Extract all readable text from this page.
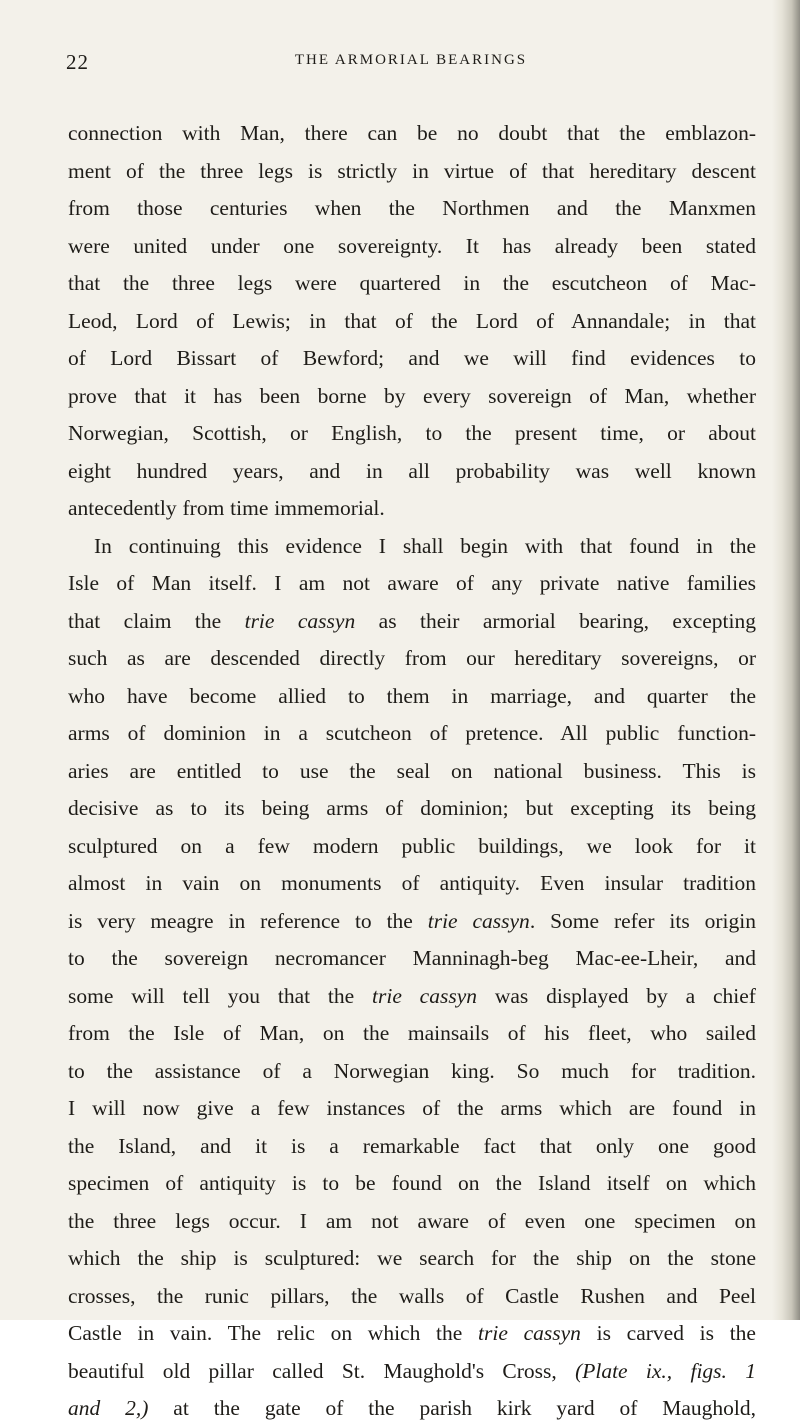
22	THE ARMORIAL BEARINGS
connection with Man, there can be no doubt that the emblazon-
ment of the three legs is strictly in virtue of that hereditary descent
from those centuries when the Northmen and the Manxmen
were united under one sovereignty. It has already been stated
that the three legs were quartered in the escutcheon of Mac-
Leod, Lord of Lewis; in that of the Lord of Annandale; in that
of Lord Bissart of Bewford; and we will find evidences to
prove that it has been borne by every sovereign of Man, whether
Norwegian, Scottish, or English, to the present time, or about
eight hundred years, and in all probability was well known
antecedently from time immemorial.
In continuing this evidence I shall begin with that found in the
Isle of Man itself. I am not aware of any private native families
that claim the trie cassyn as their armorial bearing, excepting
such as are descended directly from our hereditary sovereigns, or
who have become allied to them in marriage, and quarter the
arms of dominion in a scutcheon of pretence. All public function-
aries are entitled to use the seal on national business. This is
decisive as to its being arms of dominion; but excepting its being
sculptured on a few modern public buildings, we look for it
almost in vain on monuments of antiquity. Even insular tradition
is very meagre in reference to the trie cassyn. Some refer its origin
to the sovereign necromancer Manninagh-beg Mac-ee-Lheir, and
some will tell you that the trie cassyn was displayed by a chief
from the Isle of Man, on the mainsails of his fleet, who sailed
to the assistance of a Norwegian king. So much for tradition.
I will now give a few instances of the arms which are found in
the Island, and it is a remarkable fact that only one good
specimen of antiquity is to be found on the Island itself on which
the three legs occur. I am not aware of even one specimen on
which the ship is sculptured: we search for the ship on the stone
crosses, the runic pillars, the walls of Castle Rushen and Peel
Castle in vain. The relic on which the trie cassyn is carved is the
beautiful old pillar called St. Maughold's Cross, (Plate ix., figs. 1
and 2,) at the gate of the parish kirk yard of Maughold,
